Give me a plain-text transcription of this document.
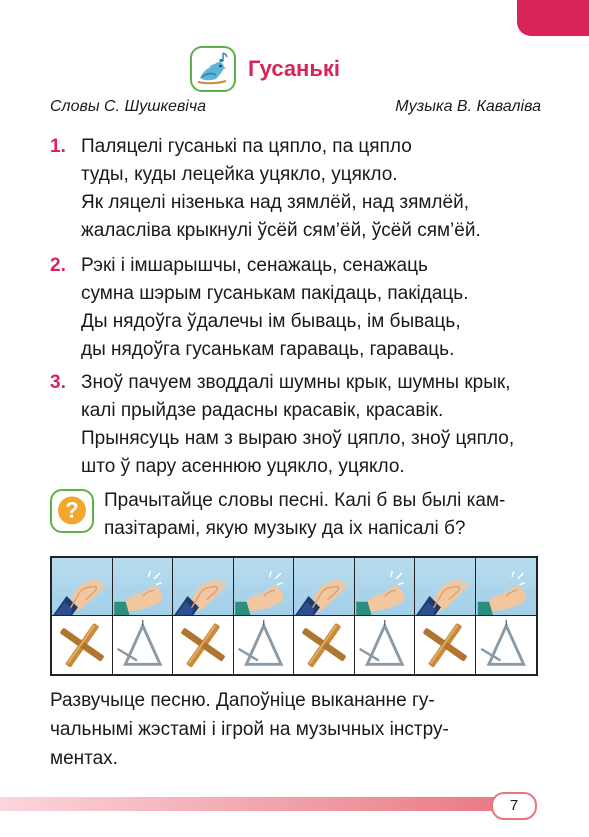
Гусанькі
Словы С. Шушкевіча	Музыка В. Каваліва
1. Паляцелі гусанькі па цяпло, па цяпло
туды, куды лецейка уцякло, уцякло.
Як ляцелі нізенька над зямлёй, над зямлёй,
жаласліва крыкнулі ўсёй сям’ёй, ўсёй сям’ёй.
2. Рэкі і імшарышчы, сенажаць, сенажаць
сумна шэрым гусанькам пакідаць, пакідаць.
Ды нядоўга ўдалечы ім бываць, ім бываць,
ды нядоўга гусанькам гараваць, гараваць.
3. Зноў пачуем зводдалі шумны крык, шумны крык,
калі прыйдзе радасны красавік, красавік.
Прынясуць нам з выраю зноў цяпло, зноў цяпло,
што ў пару асеннюю уцякло, уцякло.
?	Прачытайце словы песні. Калі б вы былі кам-
пазітарамі, якую музыку да іх напісалі б?
Развучыце песню. Дапоўніце выкананне гу-
чальнымі жэстамі і ігрой на музычных інстру-
ментах.
7
